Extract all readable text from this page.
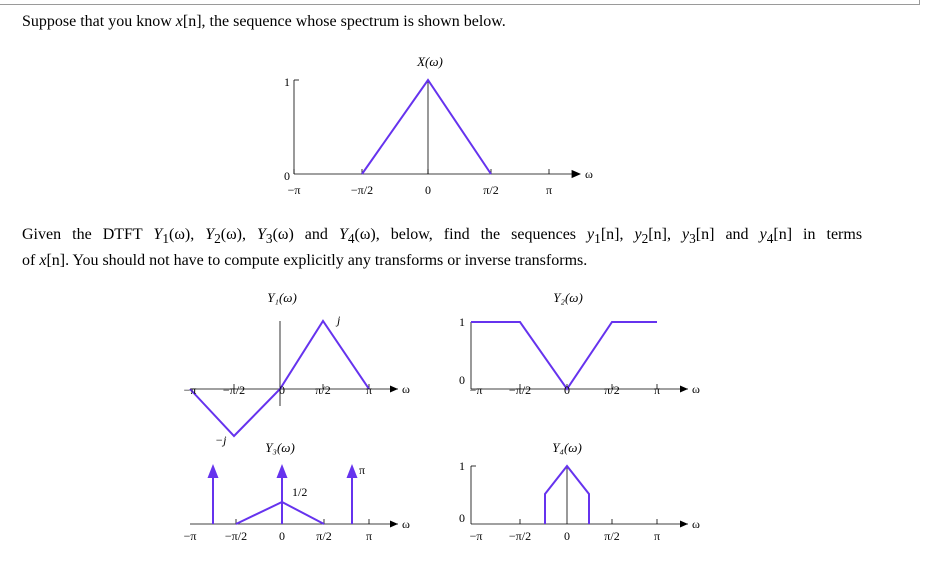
Suppose that you know x[n], the sequence whose spectrum is shown below.

X(ω)
1
0	ω
−π	−π/2	0	π/2	π
Given the DTFT $Y_1(\omega)$, $Y_2(\omega)$, $Y_3(\omega)$ and $Y_4(\omega)$, below, find the sequences $y_1[n]$, $y_2[n]$, $y_3[n]$ and $y_4[n]$ in terms
of x[n]. You should not have to compute explicitly any transforms or inverse transforms.
Y₁(ω)
ω
j
−j
−π −π/2	0	π/2	π
Y₂(ω)
1
0
ω
−π −π/2	0	π/2	π
Y₃(ω)
ω
π
1/2
−π −π/2	0	π/2	π
Y₄(ω)
1
0	ω
−π −π/2	0	π/2	π
